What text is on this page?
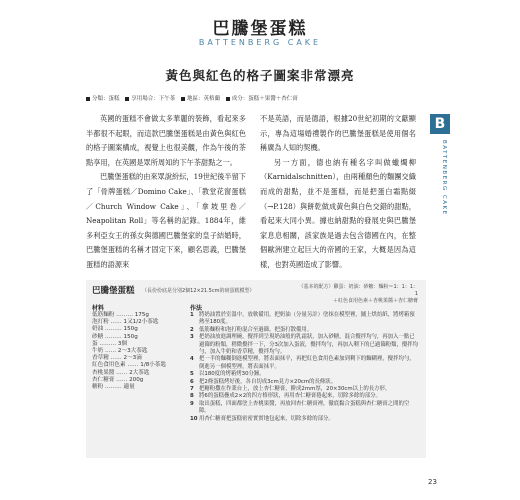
巴騰堡蛋糕
BATTENBERG CAKE
黃色與紅色的格子圖案非常漂亮
分類：蛋糕 享用場合：下午茶 地區：英格蘭 成分：蛋糕＋果醬＋杏仁膏

英國的蛋糕不會做太多華麗的裝飾，看起來多半都很不起眼，而這款巴騰堡蛋糕是由黃色與紅色的格子圖案構成，視覺上也很美觀，作為午後的茶點享用，在英國是眾所周知的下午茶甜點之一。

巴騰堡蛋糕的由來眾說紛紜，19世紀後半留下了「骨牌蛋糕／Domino Cake」、「教堂花窗蛋糕／Church Window Cake」、「拿坡里卷／Neapolitan Roll」等名稱的記錄。1884年，維多利亞女王的孫女與德國巴騰堡家的皇子結婚時，巴騰堡蛋糕的名稱才固定下來，顧名思義，巴騰堡蛋糕的語源來

不是英語，而是德語，根據20世紀初期的文獻顯示，專為這場婚禮製作的巴騰堡蛋糕是使用個名稱廣為人知的契機。

另一方面，德也納有種名字叫做蠟燭柳（Karnidalschnitten），由兩種顏色的麵團交織而成的甜點，並不是蛋糕，而是把蛋白霜點綴（→P.128）與餅乾做成黃色與白色交錯的甜點，看起來大同小異。據也納甜點的發展史與巴騰堡家息息相關，該家族是過去包含德國在內，在整個歐洲建立起巨大的帝國的王家，大概是因為這樣，也對英國造成了影響。

B
BATTENBERG CAKE
巴騰堡蛋糕 （長份份底是分別2個12×21.5cm的磅蛋糕模型）
（基本的配方）雞蛋：奶油：砂糖：麵粉＝1：1：1：1
＋紅色食用色素＋杏桃果醬＋杏仁糖膏
材料
低筋麵粉 ……… 175g
泡打粉 …… 1又1/2小茶匙
奶油 ……… 150g
砂糖 ……… 150g
蛋 ……… 3個
牛奶 …… 2～3大茶匙
香草精 …… 2～3滴
紅色食用色素 …… 1/8小茶匙
杏桃果醬 …… 2大茶匙
杏仁糖膏 …… 200g
糖粉 ……… 適量
作法
1 將奶油置於室溫中，放軟備用，把奶油（分量另計）塗抹在模型裡，鋪上烘焙紙，將烤箱預熱至180度。
2 低筋麵粉和泡打粉混合至過篩，把蛋打散備用。
3 把奶油放進調理碗，攪拌到呈現奶油般的乳霜狀，加入砂糖，混合攪拌均勻，再加入一點已過篩的粉類，稍微攪拌一下，分3次加入蛋液，攪拌均勻，再加入剩下的已過篩粉類，攪拌均勻，加入牛奶和香草精，攪拌均勻。
4 把一半的麵糊倒進模型裡，將表面抹平，再把紅色食用色素加到剩下的麵糊裡，攪拌均勻，倒進另一個模型裡，將表面抹平。
5 以180度的烤箱烤30分鐘。
6 把2條蛋糕烤好後，各自切成3cm見方×20cm的長條狀。
7 把糖粉撒在作業台上，放上杏仁糖膏，擀成2mm厚，20×30cm以上的長方形。
8 將6的蛋糕疊成2×2的四方格形狀，再用杏仁糖膏捲起來，切除多餘的部分。
9 取出蛋糕，四面都塗上杏桃果醬，再放回杏仁糖膏裡，徹底黏合蛋糕與杏仁糖膏之間的空隙。
10 用杏仁糖膏把蛋糕密密實實地包起來，切除多餘的部分。
23
